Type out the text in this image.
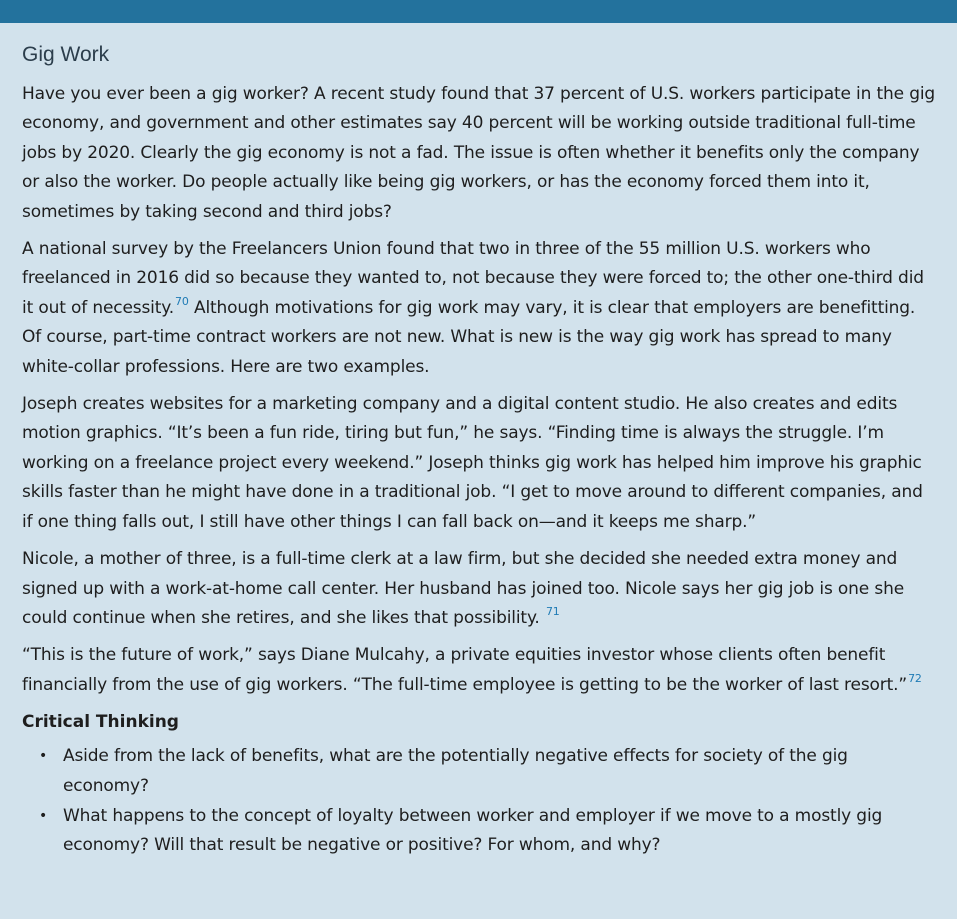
Gig Work

Have you ever been a gig worker? A recent study found that 37 percent of U.S. workers participate in the gig economy, and government and other estimates say 40 percent will be working outside traditional full-time jobs by 2020. Clearly the gig economy is not a fad. The issue is often whether it benefits only the company or also the worker. Do people actually like being gig workers, or has the economy forced them into it, sometimes by taking second and third jobs?

A national survey by the Freelancers Union found that two in three of the 55 million U.S. workers who freelanced in 2016 did so because they wanted to, not because they were forced to; the other one-third did it out of necessity.$^{70}$ Although motivations for gig work may vary, it is clear that employers are benefitting. Of course, part-time contract workers are not new. What is new is the way gig work has spread to many white-collar professions. Here are two examples.

Joseph creates websites for a marketing company and a digital content studio. He also creates and edits motion graphics. “It’s been a fun ride, tiring but fun,” he says. “Finding time is always the struggle. I’m working on a freelance project every weekend.” Joseph thinks gig work has helped him improve his graphic skills faster than he might have done in a traditional job. “I get to move around to different companies, and if one thing falls out, I still have other things I can fall back on—and it keeps me sharp.”

Nicole, a mother of three, is a full-time clerk at a law firm, but she decided she needed extra money and signed up with a work-at-home call center. Her husband has joined too. Nicole says her gig job is one she could continue when she retires, and she likes that possibility. $^{71}$

“This is the future of work,” says Diane Mulcahy, a private equities investor whose clients often benefit financially from the use of gig workers. “The full-time employee is getting to be the worker of last resort.”$^{72}$

Critical Thinking
• Aside from the lack of benefits, what are the potentially negative effects for society of the gig economy?
• What happens to the concept of loyalty between worker and employer if we move to a mostly gig economy? Will that result be negative or positive? For whom, and why?
